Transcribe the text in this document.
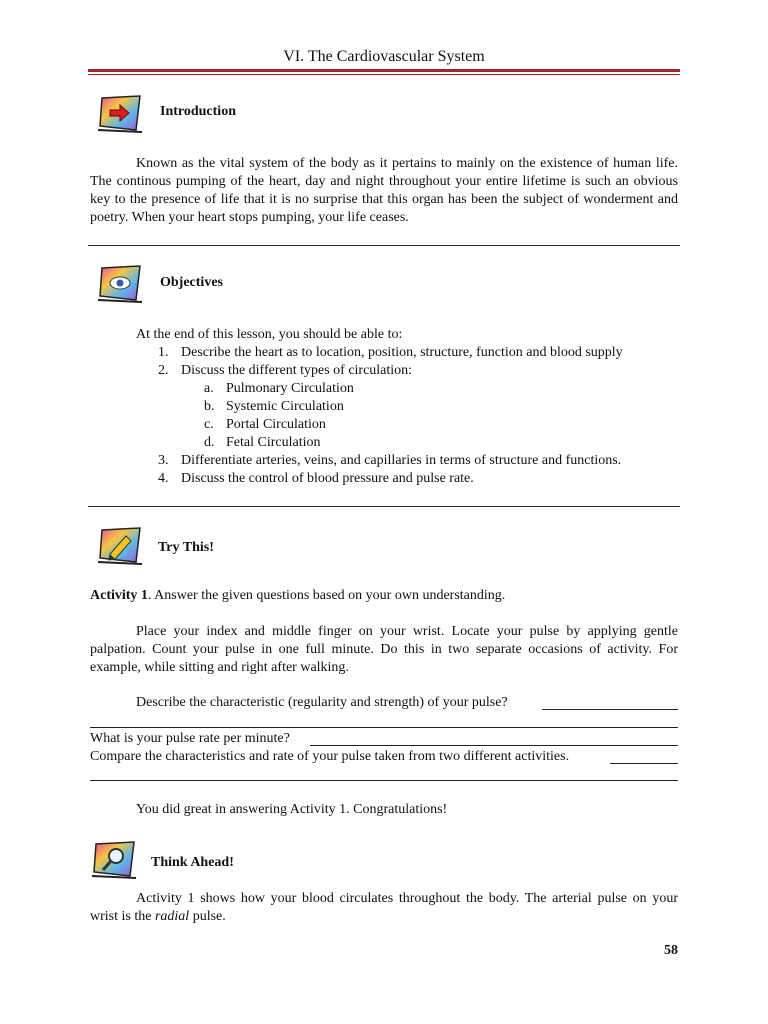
VI. The Cardiovascular System
Introduction

Known as the vital system of the body as it pertains to mainly on the existence of human life. The continous pumping of the heart, day and night throughout your entire lifetime is such an obvious key to the presence of life that it is no surprise that this organ has been the subject of wonderment and poetry. When your heart stops pumping, your life ceases.

Objectives
At the end of this lesson, you should be able to:
1. Describe the heart as to location, position, structure, function and blood supply
2. Discuss the different types of circulation:
a. Pulmonary Circulation
b. Systemic Circulation
c. Portal Circulation
d. Fetal Circulation
3. Differentiate arteries, veins, and capillaries in terms of structure and functions.
4. Discuss the control of blood pressure and pulse rate.
Try This!
Activity 1. Answer the given questions based on your own understanding.

Place your index and middle finger on your wrist. Locate your pulse by applying gentle palpation. Count your pulse in one full minute. Do this in two separate occasions of activity. For example, while sitting and right after walking.

Describe the characteristic (regularity and strength) of your pulse?
What is your pulse rate per minute?
Compare the characteristics and rate of your pulse taken from two different activities.
You did great in answering Activity 1. Congratulations!
Think Ahead!

Activity 1 shows how your blood circulates throughout the body. The arterial pulse on your wrist is the radial pulse.

58
